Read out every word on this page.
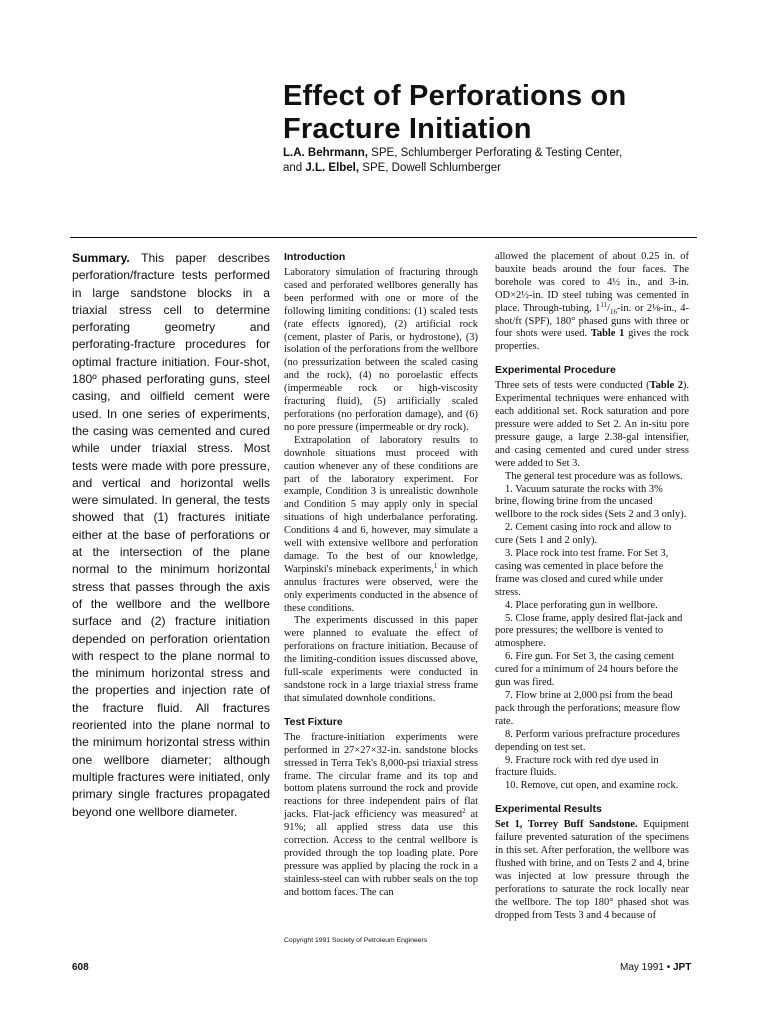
Effect of Perforations on Fracture Initiation

L.A. Behrmann, SPE, Schlumberger Perforating & Testing Center,

and J.L. Elbel, SPE, Dowell Schlumberger

Summary. This paper describes perforation/fracture tests performed in large sandstone blocks in a triaxial stress cell to determine perforating geometry and perforating-fracture procedures for optimal fracture initiation. Four-shot, 180º phased perforating guns, steel casing, and oilfield cement were used. In one series of experiments, the casing was cemented and cured while under triaxial stress. Most tests were made with pore pressure, and vertical and horizontal wells were simulated. In general, the tests showed that (1) fractures initiate either at the base of perforations or at the intersection of the plane normal to the minimum horizontal stress that passes through the axis of the wellbore and the wellbore surface and (2) fracture initiation depended on perforation orientation with respect to the plane normal to the minimum horizontal stress and the properties and injection rate of the fracture fluid. All fractures reoriented into the plane normal to the minimum horizontal stress within one wellbore diameter; although multiple fractures were initiated, only primary single fractures propagated beyond one wellbore diameter.

Introduction

Laboratory simulation of fracturing through cased and perforated wellbores generally has been performed with one or more of the following limiting conditions: (1) scaled tests (rate effects ignored), (2) artificial rock (cement, plaster of Paris, or hydrostone), (3) isolation of the perforations from the wellbore (no pressurization between the scaled casing and the rock), (4) no poroelastic effects (impermeable rock or high-viscosity fracturing fluid), (5) artificially scaled perforations (no perforation damage), and (6) no pore pressure (impermeable or dry rock).

Extrapolation of laboratory results to downhole situations must proceed with caution whenever any of these conditions are part of the laboratory experiment. For example, Condition 3 is unrealistic downhole and Condition 5 may apply only in special situations of high underbalance perforating. Conditions 4 and 6, however, may simulate a well with extensive wellbore and perforation damage. To the best of our knowledge, Warpinski's mineback experiments,$^1$ in which annulus fractures were observed, were the only experiments conducted in the absence of these conditions.

The experiments discussed in this paper were planned to evaluate the effect of perforations on fracture initiation. Because of the limiting-condition issues discussed above, full-scale experiments were conducted in sandstone rock in a large triaxial stress frame that simulated downhole conditions.

Test Fixture

The fracture-initiation experiments were performed in 27×27×32-in. sandstone blocks stressed in Terra Tek's 8,000-psi triaxial stress frame. The circular frame and its top and bottom platens surround the rock and provide reactions for three independent pairs of flat jacks. Flat-jack efficiency was measured$^2$ at 91%; all applied stress data use this correction. Access to the central wellbore is provided through the top loading plate. Pore pressure was applied by placing the rock in a stainless-steel can with rubber seals on the top and bottom faces. The can

Copyright 1991 Society of Petroleum Engineers

allowed the placement of about 0.25 in. of bauxite beads around the four faces. The borehole was cored to 4½ in., and 3-in. OD×2½-in. ID steel tubing was cemented in place. Through-tubing, $1^{11}/_{16}-in$. or 2⅛-in., 4-shot/ft (SPF), 180° phased guns with three or four shots were used. Table 1 gives the rock properties.

Experimental Procedure

Three sets of tests were conducted (Table 2). Experimental techniques were enhanced with each additional set. Rock saturation and pore pressure were added to Set 2. An in-situ pore pressure gauge, a large 2.38-gal intensifier, and casing cemented and cured under stress were added to Set 3.

The general test procedure was as follows.

1. Vacuum saturate the rocks with 3% brine, flowing brine from the uncased wellbore to the rock sides (Sets 2 and 3 only).

2. Cement casing into rock and allow to cure (Sets 1 and 2 only).

3. Place rock into test frame. For Set 3, casing was cemented in place before the frame was closed and cured while under stress.

4. Place perforating gun in wellbore.

5. Close frame, apply desired flat-jack and pore pressures; the wellbore is vented to atmosphere.

6. Fire gun. For Set 3, the casing cement cured for a minimum of 24 hours before the gun was fired.

7. Flow brine at 2,000 psi from the bead pack through the perforations; measure flow rate.

8. Perform various prefracture procedures depending on test set.

9. Fracture rock with red dye used in fracture fluids.

10. Remove, cut open, and examine rock.

Experimental Results

Set 1, Torrey Buff Sandstone. Equipment failure prevented saturation of the specimens in this set. After perforation, the wellbore was flushed with brine, and on Tests 2 and 4, brine was injected at low pressure through the perforations to saturate the rock locally near the wellbore. The top 180° phased shot was dropped from Tests 3 and 4 because of

608	May 1991 • JPT
